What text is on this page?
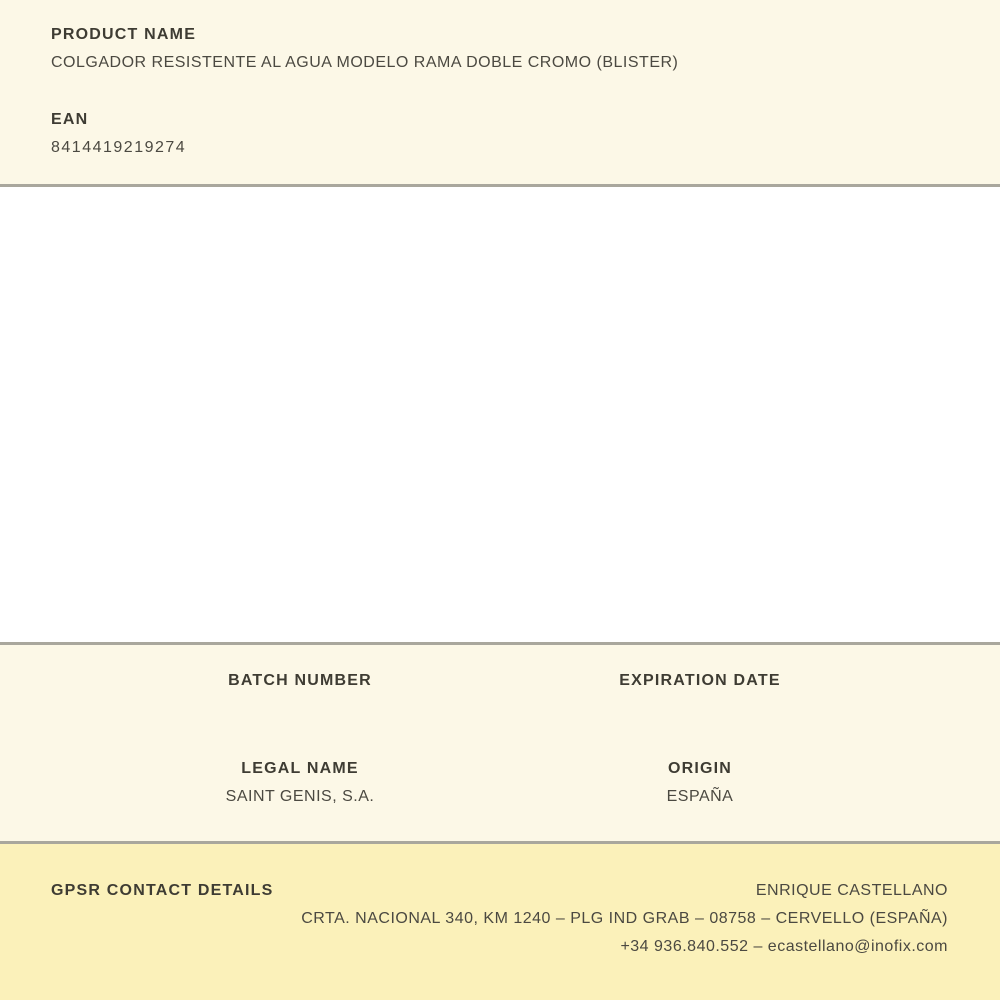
PRODUCT NAME
COLGADOR RESISTENTE AL AGUA MODELO RAMA DOBLE CROMO (BLISTER)
EAN
8414419219274
BATCH NUMBER	EXPIRATION DATE
LEGAL NAME
SAINT GENIS, S.A.
ORIGIN
ESPAÑA
GPSR CONTACT DETAILS	ENRIQUE CASTELLANO
CRTA. NACIONAL 340, KM 1240 – PLG IND GRAB – 08758 – CERVELLO (ESPAÑA)
+34 936.840.552 – ecastellano@inofix.com
